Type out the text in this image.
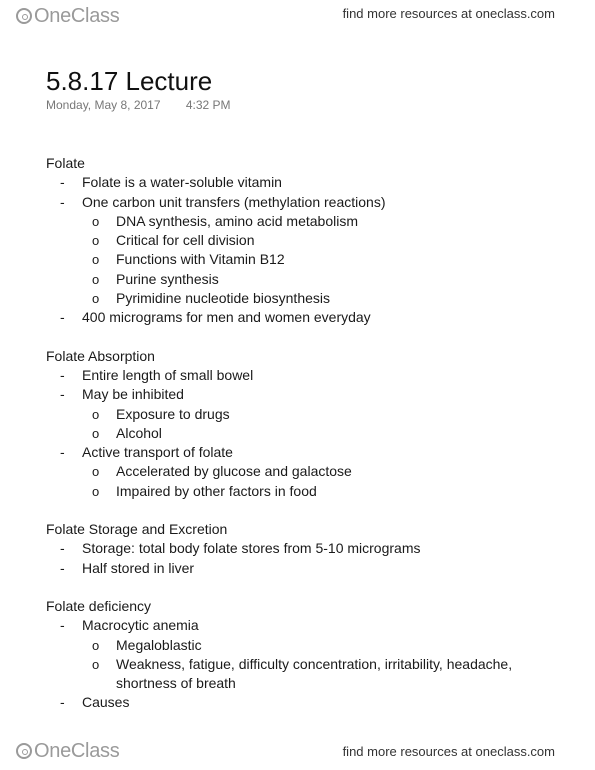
OneClass	find more resources at oneclass.com
5.8.17 Lecture
Monday, May 8, 2017 4:32 PM
Folate
- Folate is a water-soluble vitamin
- One carbon unit transfers (methylation reactions)
o DNA synthesis, amino acid metabolism
o Critical for cell division
o Functions with Vitamin B12
o Purine synthesis
o Pyrimidine nucleotide biosynthesis
- 400 micrograms for men and women everyday
Folate Absorption
- Entire length of small bowel
- May be inhibited
o Exposure to drugs
o Alcohol
- Active transport of folate
o Accelerated by glucose and galactose
o Impaired by other factors in food
Folate Storage and Excretion
- Storage: total body folate stores from 5-10 micrograms
- Half stored in liver
Folate deficiency
- Macrocytic anemia
o Megaloblastic
o Weakness, fatigue, difficulty concentration, irritability, headache, shortness of breath
- Causes
OneClass	find more resources at oneclass.com
